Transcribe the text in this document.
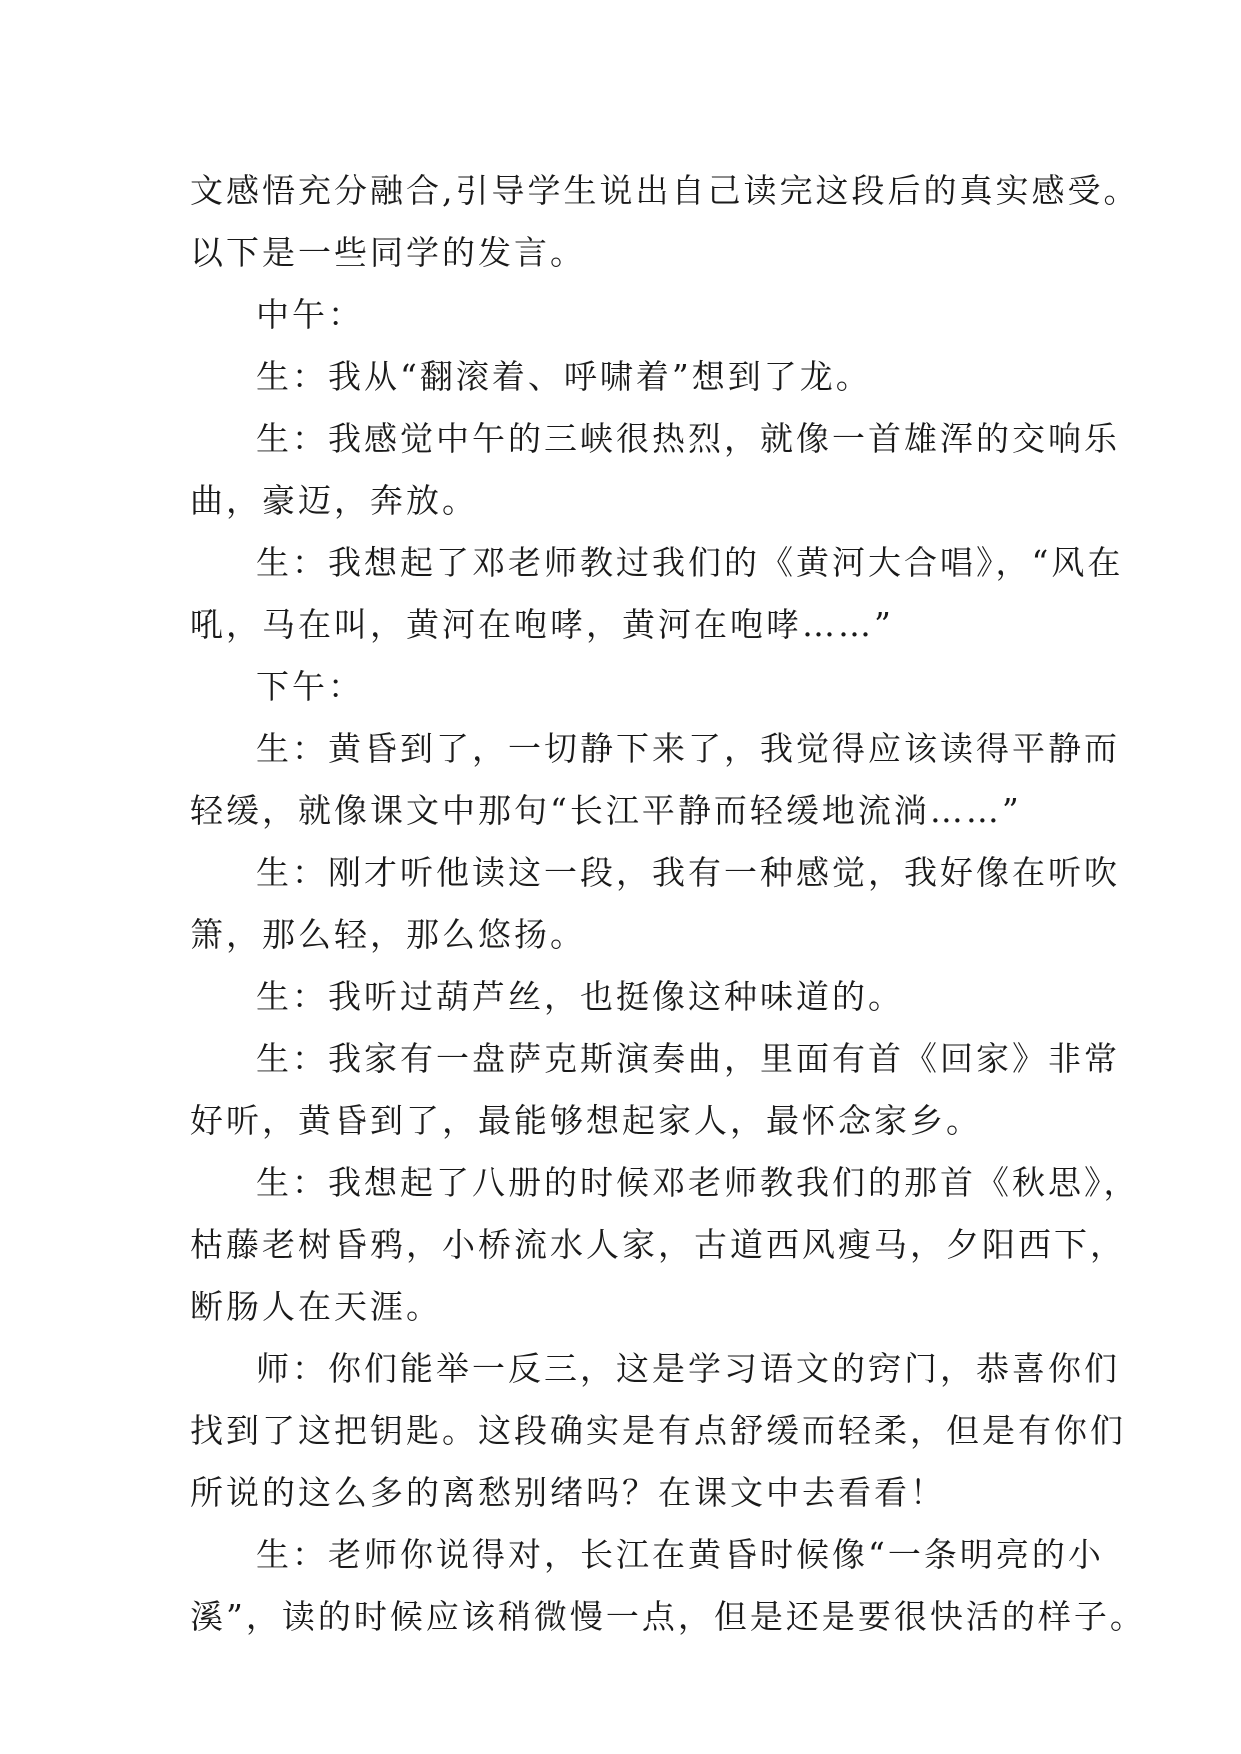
文感悟充分融合,引导学生说出自己读完这段后的真实感受。
以下是一些同学的发言。
中午：
生：我从“翻滚着、呼啸着”想到了龙。
生：我感觉中午的三峡很热烈，就像一首雄浑的交响乐
曲，豪迈，奔放。
生：我想起了邓老师教过我们的《黄河大合唱》，“风在
吼，马在叫，黄河在咆哮，黄河在咆哮……”
下午：
生：黄昏到了，一切静下来了，我觉得应该读得平静而
轻缓，就像课文中那句“长江平静而轻缓地流淌……”
生：刚才听他读这一段，我有一种感觉，我好像在听吹
箫，那么轻，那么悠扬。
生：我听过葫芦丝，也挺像这种味道的。
生：我家有一盘萨克斯演奏曲，里面有首《回家》非常
好听，黄昏到了，最能够想起家人，最怀念家乡。
生：我想起了八册的时候邓老师教我们的那首《秋思》，
枯藤老树昏鸦，小桥流水人家，古道西风瘦马，夕阳西下，
断肠人在天涯。
师：你们能举一反三，这是学习语文的窍门，恭喜你们
找到了这把钥匙。这段确实是有点舒缓而轻柔，但是有你们
所说的这么多的离愁别绪吗？在课文中去看看！
生：老师你说得对，长江在黄昏时候像“一条明亮的小
溪”，读的时候应该稍微慢一点，但是还是要很快活的样子。
